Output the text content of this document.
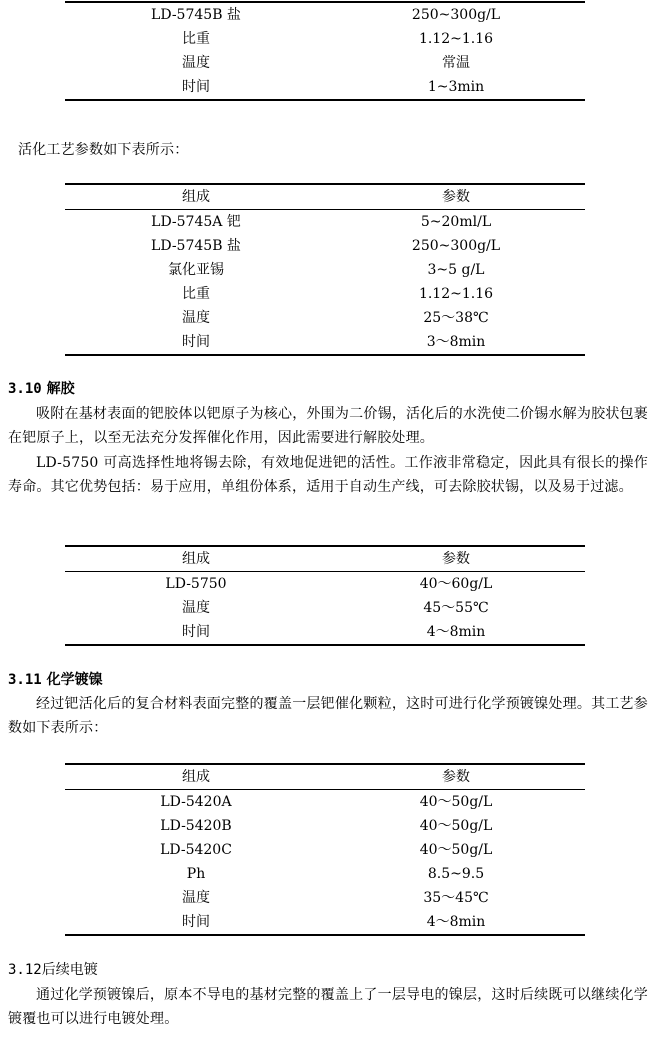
LD-5745B 盐	250~300g/L
比重	1.12~1.16
温度	常温
时间	1~3min

活化工艺参数如下表所示：

组成	参数
LD-5745A 钯	5~20ml/L
LD-5745B 盐	250~300g/L
氯化亚锡	3~5 g/L
比重	1.12~1.16
温度	25～38℃
时间	3～8min
3.10 解胶

吸附在基材表面的钯胶体以钯原子为核心，外围为二价锡，活化后的水洗使二价锡水解为胶状包裹在钯原子上，以至无法充分发挥催化作用，因此需要进行解胶处理。

LD-5750 可高选择性地将锡去除，有效地促进钯的活性。工作液非常稳定，因此具有很长的操作寿命。其它优势包括：易于应用，单组份体系，适用于自动生产线，可去除胶状锡，以及易于过滤。

组成	参数
LD-5750	40～60g/L
温度	45～55℃
时间	4～8min
3.11 化学镀镍

经过钯活化后的复合材料表面完整的覆盖一层钯催化颗粒，这时可进行化学预镀镍处理。其工艺参数如下表所示：

组成	参数
LD-5420A	40～50g/L
LD-5420B	40～50g/L
LD-5420C	40～50g/L
Ph	8.5~9.5
温度	35～45℃
时间	4～8min
3.12后续电镀

通过化学预镀镍后，原本不导电的基材完整的覆盖上了一层导电的镍层，这时后续既可以继续化学镀覆也可以进行电镀处理。
